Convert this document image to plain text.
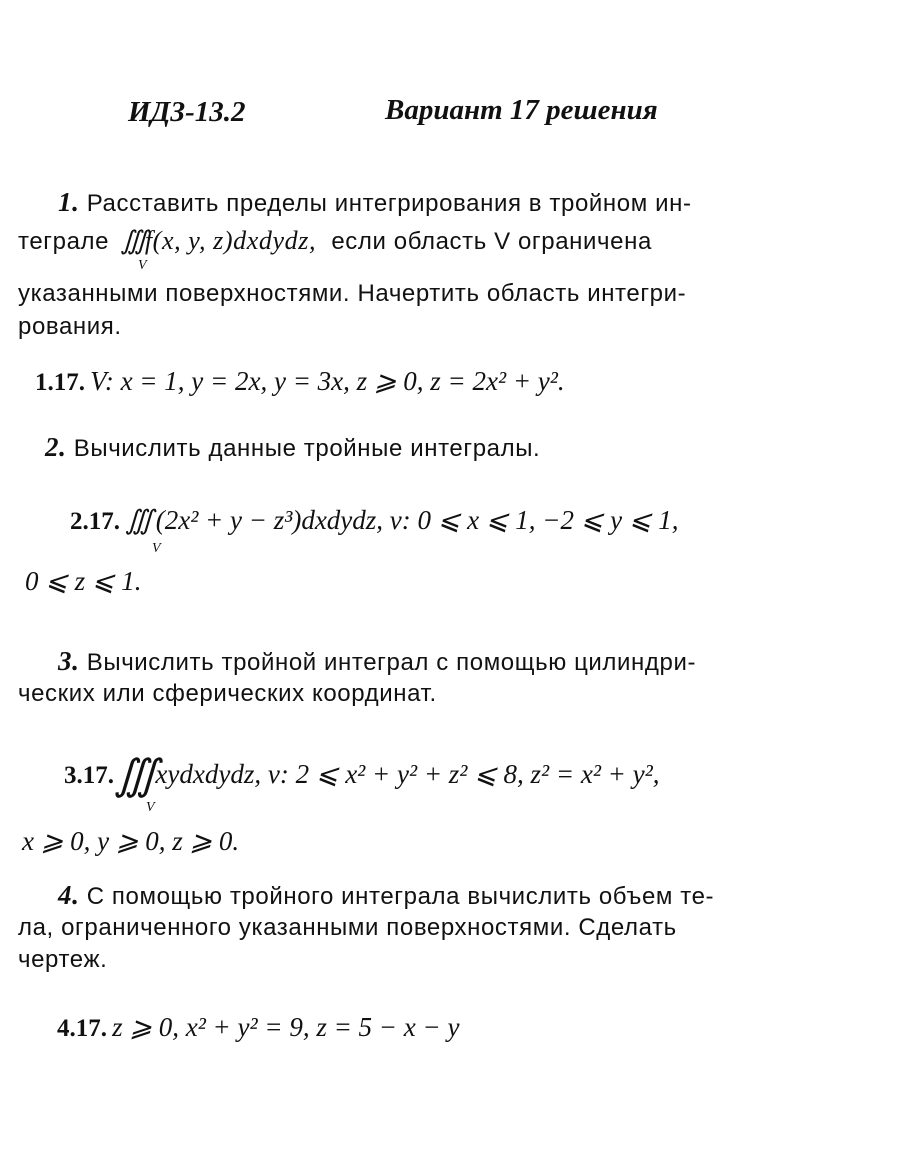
ИДЗ-13.2	Вариант 17 решения
1. Расставить пределы интегрирования в тройном ин-
теграле ∭f(x, y, z)dxdydz, если область V ограничена
V
указанными поверхностями. Начертить область интегри-
рования.
1.17. V: x = 1, y = 2x, y = 3x, z ⩾ 0, z = 2x² + y².
2. Вычислить данные тройные интегралы.
2.17. ∭ (2x² + y − z³)dxdydz, v: 0 ⩽ x ⩽ 1, −2 ⩽ y ⩽ 1,
V
0 ⩽ z ⩽ 1.
3. Вычислить тройной интеграл с помощью цилиндри-
ческих или сферических координат.
3.17.∭xydxdydz, v: 2 ⩽ x² + y² + z² ⩽ 8, z² = x² + y²,
V
x ⩾ 0, y ⩾ 0, z ⩾ 0.
4. С помощью тройного интеграла вычислить объем те-
ла, ограниченного указанными поверхностями. Сделать
чертеж.
4.17. z ⩾ 0, x² + y² = 9, z = 5 − x − y
